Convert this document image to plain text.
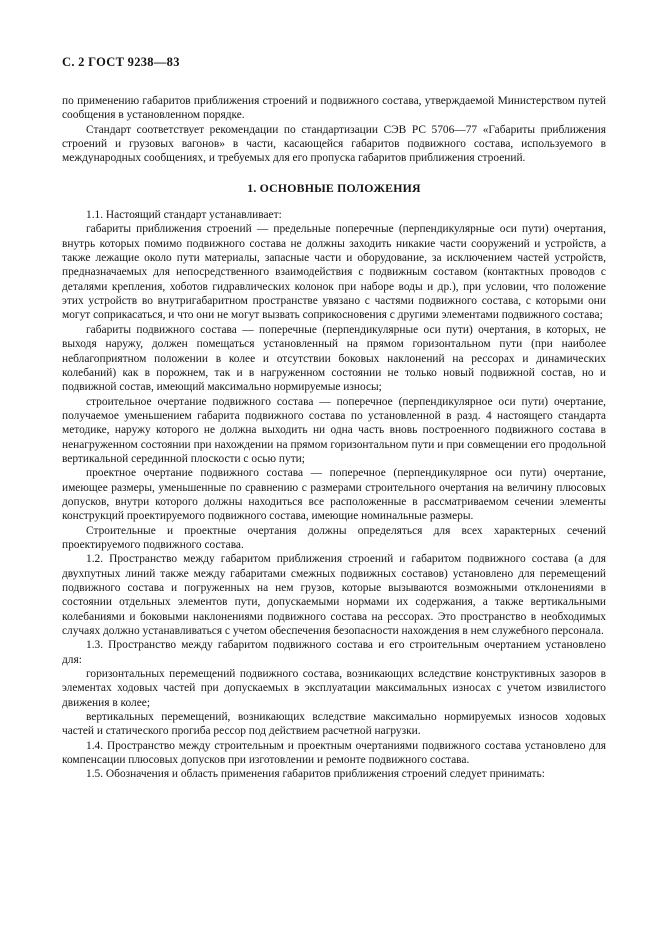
С. 2 ГОСТ 9238—83

по применению габаритов приближения строений и подвижного состава, утверждаемой Министерством путей сообщения в установленном порядке.

Стандарт соответствует рекомендации по стандартизации СЭВ РС 5706—77 «Габариты приближения строений и грузовых вагонов» в части, касающейся габаритов подвижного состава, используемого в международных сообщениях, и требуемых для его пропуска габаритов приближения строений.

1. ОСНОВНЫЕ ПОЛОЖЕНИЯ

1.1. Настоящий стандарт устанавливает:

габариты приближения строений — предельные поперечные (перпендикулярные оси пути) очертания, внутрь которых помимо подвижного состава не должны заходить никакие части сооружений и устройств, а также лежащие около пути материалы, запасные части и оборудование, за исключением частей устройств, предназначаемых для непосредственного взаимодействия с подвижным составом (контактных проводов с деталями крепления, хоботов гидравлических колонок при наборе воды и др.), при условии, что положение этих устройств во внутригабаритном пространстве увязано с частями подвижного состава, с которыми они могут соприкасаться, и что они не могут вызвать соприкосновения с другими элементами подвижного состава;

габариты подвижного состава — поперечные (перпендикулярные оси пути) очертания, в которых, не выходя наружу, должен помещаться установленный на прямом горизонтальном пути (при наиболее неблагоприятном положении в колее и отсутствии боковых наклонений на рессорах и динамических колебаний) как в порожнем, так и в нагруженном состоянии не только новый подвижной состав, но и подвижной состав, имеющий максимально нормируемые износы;

строительное очертание подвижного состава — поперечное (перпендикулярное оси пути) очертание, получаемое уменьшением габарита подвижного состава по установленной в разд. 4 настоящего стандарта методике, наружу которого не должна выходить ни одна часть вновь построенного подвижного состава в ненагруженном состоянии при нахождении на прямом горизонтальном пути и при совмещении его продольной вертикальной серединной плоскости с осью пути;

проектное очертание подвижного состава — поперечное (перпендикулярное оси пути) очертание, имеющее размеры, уменьшенные по сравнению с размерами строительного очертания на величину плюсовых допусков, внутри которого должны находиться все расположенные в рассматриваемом сечении элементы конструкций проектируемого подвижного состава, имеющие номинальные размеры.

Строительные и проектные очертания должны определяться для всех характерных сечений проектируемого подвижного состава.

1.2. Пространство между габаритом приближения строений и габаритом подвижного состава (а для двухпутных линий также между габаритами смежных подвижных составов) установлено для перемещений подвижного состава и погруженных на нем грузов, которые вызываются возможными отклонениями в состоянии отдельных элементов пути, допускаемыми нормами их содержания, а также вертикальными колебаниями и боковыми наклонениями подвижного состава на рессорах. Это пространство в необходимых случаях должно устанавливаться с учетом обеспечения безопасности нахождения в нем служебного персонала.

1.3. Пространство между габаритом подвижного состава и его строительным очертанием установлено для:

горизонтальных перемещений подвижного состава, возникающих вследствие конструктивных зазоров в элементах ходовых частей при допускаемых в эксплуатации максимальных износах с учетом извилистого движения в колее;

вертикальных перемещений, возникающих вследствие максимально нормируемых износов ходовых частей и статического прогиба рессор под действием расчетной нагрузки.

1.4. Пространство между строительным и проектным очертаниями подвижного состава установлено для компенсации плюсовых допусков при изготовлении и ремонте подвижного состава.

1.5. Обозначения и область применения габаритов приближения строений следует принимать:
